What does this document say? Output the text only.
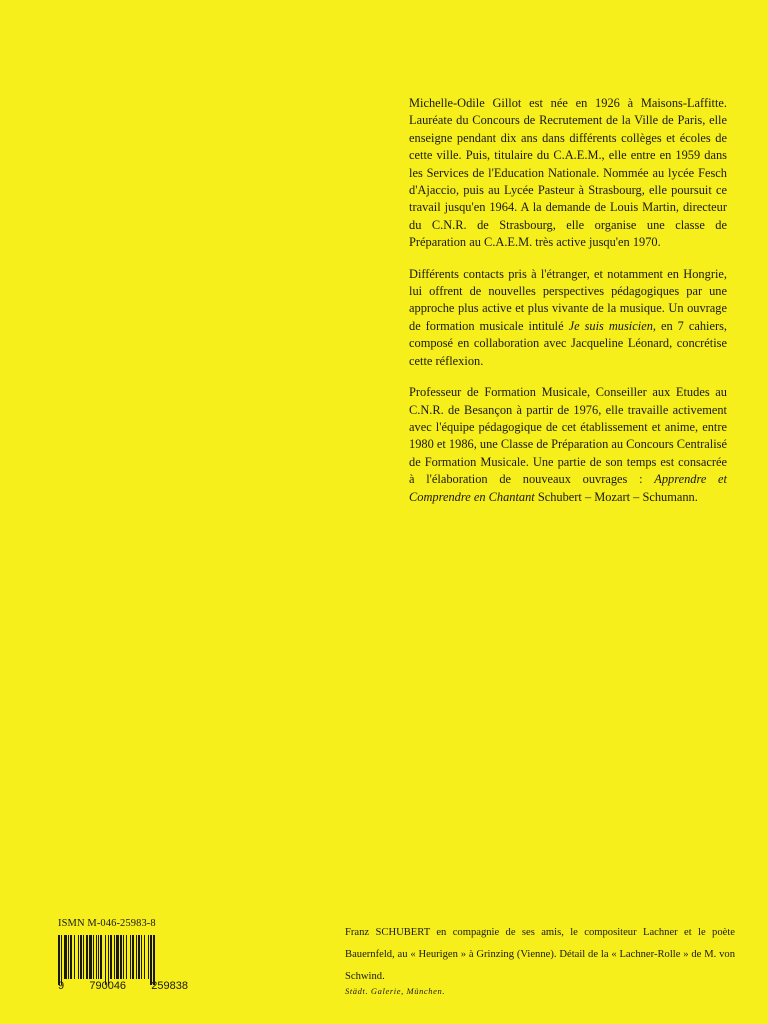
Michelle-Odile Gillot est née en 1926 à Maisons-Laffitte. Lauréate du Concours de Recrutement de la Ville de Paris, elle enseigne pendant dix ans dans différents collèges et écoles de cette ville. Puis, titulaire du C.A.E.M., elle entre en 1959 dans les Services de l'Education Nationale. Nommée au lycée Fesch d'Ajaccio, puis au Lycée Pasteur à Strasbourg, elle poursuit ce travail jusqu'en 1964. A la demande de Louis Martin, directeur du C.N.R. de Strasbourg, elle organise une classe de Préparation au C.A.E.M. très active jusqu'en 1970.

Différents contacts pris à l'étranger, et notamment en Hongrie, lui offrent de nouvelles perspectives pédagogiques par une approche plus active et plus vivante de la musique. Un ouvrage de formation musicale intitulé Je suis musicien, en 7 cahiers, composé en collaboration avec Jacqueline Léonard, concrétise cette réflexion.

Professeur de Formation Musicale, Conseiller aux Etudes au C.N.R. de Besançon à partir de 1976, elle travaille activement avec l'équipe pédagogique de cet établissement et anime, entre 1980 et 1986, une Classe de Préparation au Concours Centralisé de Formation Musicale. Une partie de son temps est consacrée à l'élaboration de nouveaux ouvrages : Apprendre et Comprendre en Chantant Schubert – Mozart – Schumann.

ISMN M-046-25983-8
9 790046 259838
Franz SCHUBERT en compagnie de ses amis, le compositeur Lachner et le poète Bauernfeld, au « Heurigen » à Grinzing (Vienne). Détail de la « Lachner-Rolle » de M. von Schwind.
Städt. Galerie, München.
